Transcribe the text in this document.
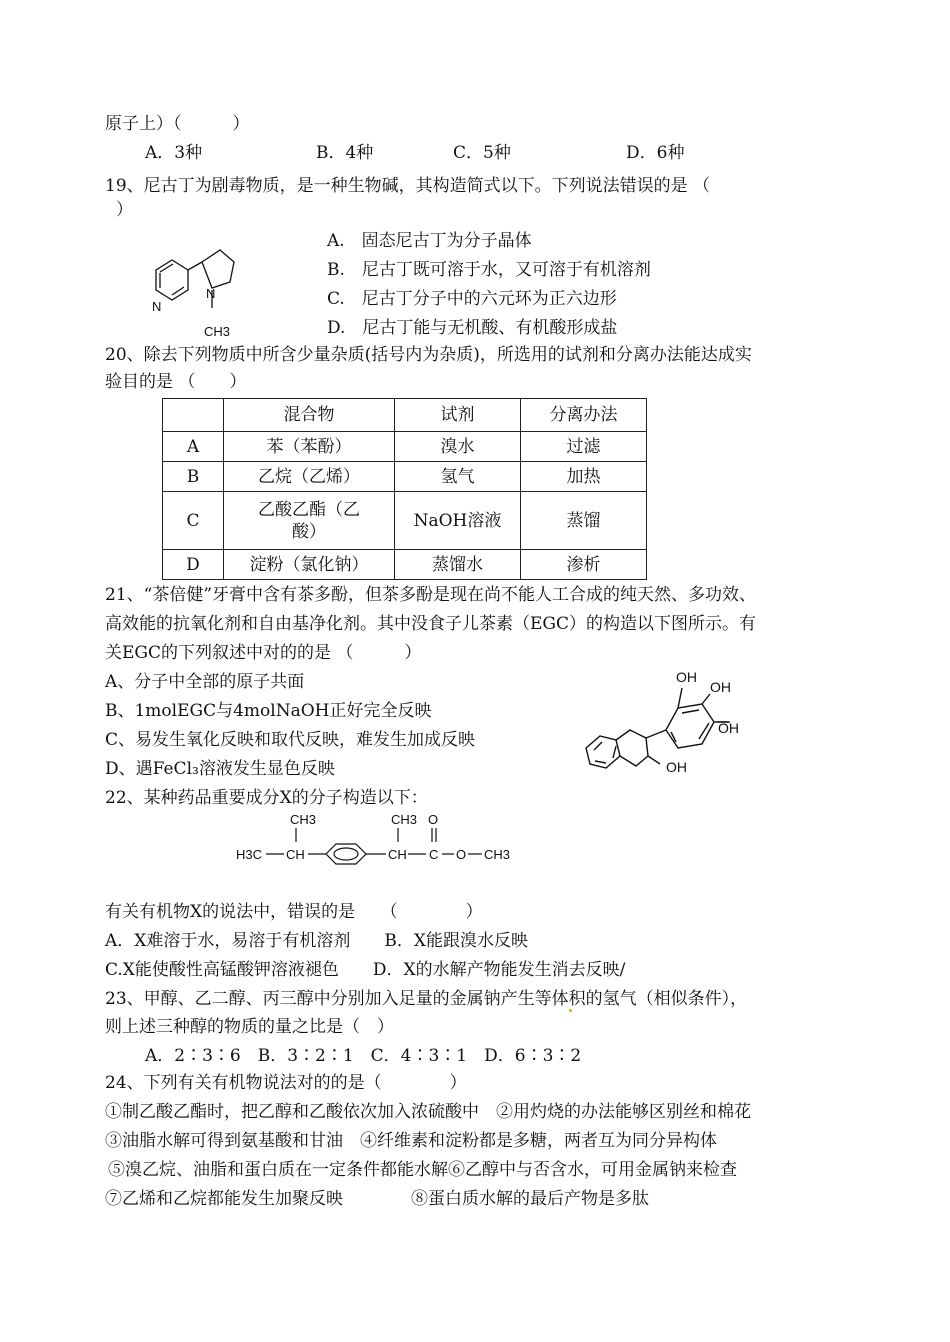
原子上）（　　　）
A．3种	B．4种	C．5种	D．6种
19、尼古丁为剧毒物质，是一种生物碱，其构造简式以下。下列说法错误的是 （
）
N
N
CH3
A.　固态尼古丁为分子晶体
B.　尼古丁既可溶于水，又可溶于有机溶剂
C.　尼古丁分子中的六元环为正六边形
D.　尼古丁能与无机酸、有机酸形成盐
20、除去下列物质中所含少量杂质(括号内为杂质)，所选用的试剂和分离办法能达成实
验目的是 （　　）
	混合物	试剂	分离办法
A	苯（苯酚）	溴水	过滤
B	乙烷（乙烯）	氢气	加热
C	乙酸乙酯（乙酸）	NaOH溶液	蒸馏
D	淀粉（氯化钠）	蒸馏水	渗析
21、“茶倍健”牙膏中含有茶多酚，但茶多酚是现在尚不能人工合成的纯天然、多功效、
高效能的抗氧化剂和自由基净化剂。其中没食子儿茶素（EGC）的构造以下图所示。有
关EGC的下列叙述中对的的是 （　　　）
A、分子中全部的原子共面
B、1molEGC与4molNaOH正好完全反映
C、易发生氧化反映和取代反映，难发生加成反映
D、遇FeCl₃溶液发生显色反映
OH
OH
OH
OH
22、某种药品重要成分X的分子构造以下：
CH3
H3C CH
CH3
CH C
O
O CH3
有关有机物X的说法中，错误的是　　（　　　　）
A．X难溶于水，易溶于有机溶剂　　B．X能跟溴水反映
C.X能使酸性高锰酸钾溶液褪色　　D．X的水解产物能发生消去反映/
23、甲醇、乙二醇、丙三醇中分别加入足量的金属钠产生等体积的氢气（相似条件），
则上述三种醇的物质的量之比是（　）
A．2∶3∶6　B．3∶2∶1　C．4∶3∶1　D．6∶3∶2
24、下列有关有机物说法对的的是（　　　　）
①制乙酸乙酯时，把乙醇和乙酸依次加入浓硫酸中　②用灼烧的办法能够区别丝和棉花
③油脂水解可得到氨基酸和甘油　④纤维素和淀粉都是多糖，两者互为同分异构体
⑤溴乙烷、油脂和蛋白质在一定条件都能水解⑥乙醇中与否含水，可用金属钠来检查
⑦乙烯和乙烷都能发生加聚反映　　　　⑧蛋白质水解的最后产物是多肽
